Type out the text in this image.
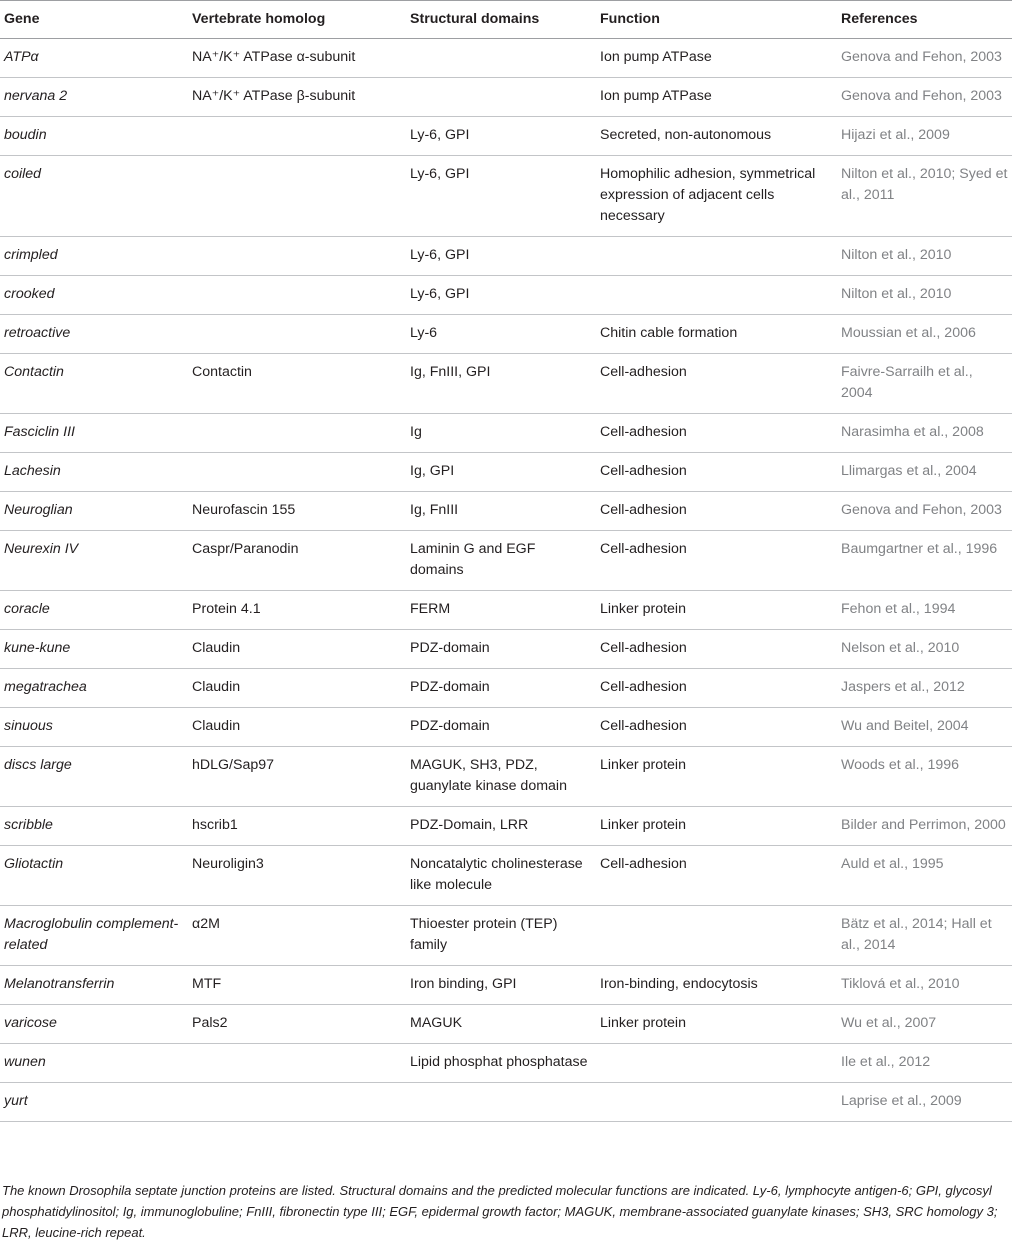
Gene	Vertebrate homolog	Structural domains	Function	References
ATPα	NA⁺/K⁺ ATPase α-subunit		Ion pump ATPase	Genova and Fehon, 2003
nervana 2	NA⁺/K⁺ ATPase β-subunit		Ion pump ATPase	Genova and Fehon, 2003
boudin		Ly-6, GPI	Secreted, non-autonomous	Hijazi et al., 2009
coiled		Ly-6, GPI	Homophilic adhesion, symmetrical expression of adjacent cells necessary	Nilton et al., 2010; Syed et al., 2011
crimpled		Ly-6, GPI		Nilton et al., 2010
crooked		Ly-6, GPI		Nilton et al., 2010
retroactive		Ly-6	Chitin cable formation	Moussian et al., 2006
Contactin	Contactin	Ig, FnIII, GPI	Cell-adhesion	Faivre-Sarrailh et al., 2004
Fasciclin III		Ig	Cell-adhesion	Narasimha et al., 2008
Lachesin		Ig, GPI	Cell-adhesion	Llimargas et al., 2004
Neuroglian	Neurofascin 155	Ig, FnIII	Cell-adhesion	Genova and Fehon, 2003
Neurexin IV	Caspr/Paranodin	Laminin G and EGF domains	Cell-adhesion	Baumgartner et al., 1996
coracle	Protein 4.1	FERM	Linker protein	Fehon et al., 1994
kune-kune	Claudin	PDZ-domain	Cell-adhesion	Nelson et al., 2010
megatrachea	Claudin	PDZ-domain	Cell-adhesion	Jaspers et al., 2012
sinuous	Claudin	PDZ-domain	Cell-adhesion	Wu and Beitel, 2004
discs large	hDLG/Sap97	MAGUK, SH3, PDZ, guanylate kinase domain	Linker protein	Woods et al., 1996
scribble	hscrib1	PDZ-Domain, LRR	Linker protein	Bilder and Perrimon, 2000
Gliotactin	Neuroligin3	Noncatalytic cholinesterase like molecule	Cell-adhesion	Auld et al., 1995
Macroglobulin complement-related	α2M	Thioester protein (TEP) family		Bätz et al., 2014; Hall et al., 2014
Melanotransferrin	MTF	Iron binding, GPI	Iron-binding, endocytosis	Tiklová et al., 2010
varicose	Pals2	MAGUK	Linker protein	Wu et al., 2007
wunen		Lipid phosphat phosphatase		Ile et al., 2012
yurt				Laprise et al., 2009
The known Drosophila septate junction proteins are listed. Structural domains and the predicted molecular functions are indicated. Ly-6, lymphocyte antigen-6; GPI, glycosyl phosphatidylinositol; Ig, immunoglobuline; FnIII, fibronectin type III; EGF, epidermal growth factor; MAGUK, membrane-associated guanylate kinases; SH3, SRC homology 3; LRR, leucine-rich repeat.
